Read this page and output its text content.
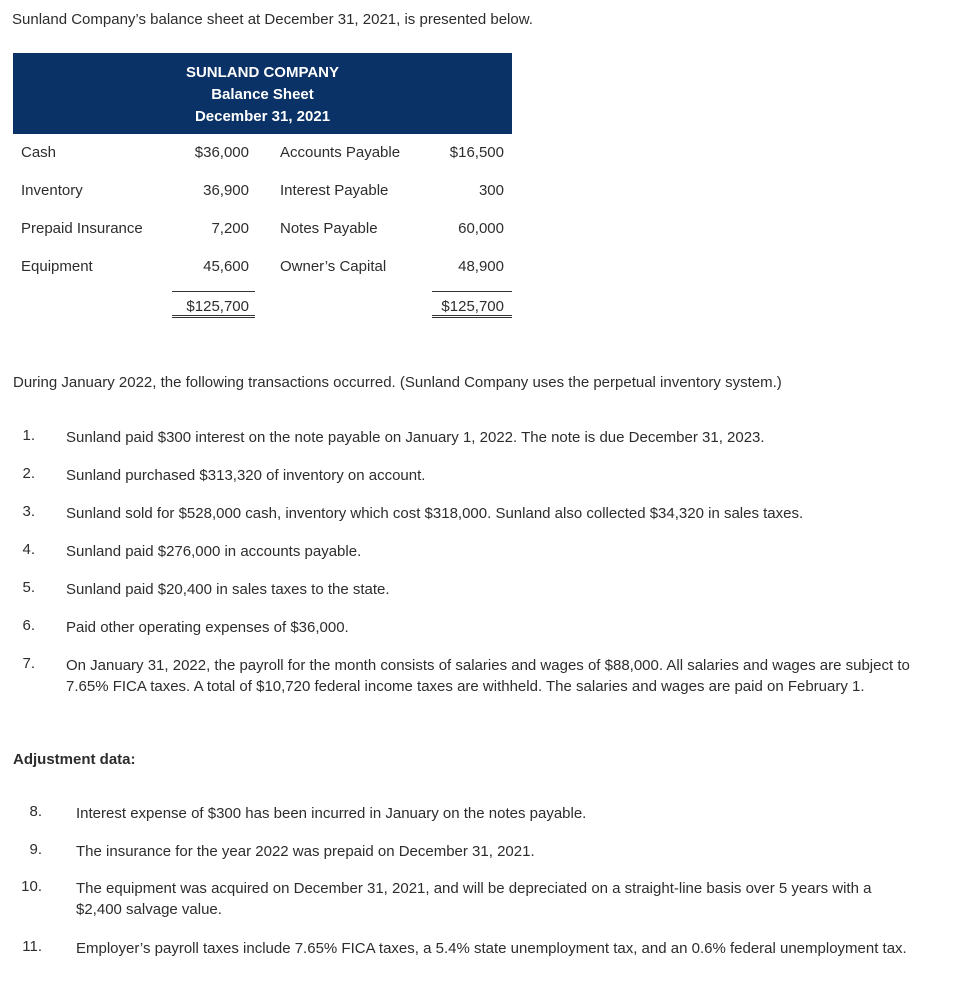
Sunland Company’s balance sheet at December 31, 2021, is presented below.
SUNLAND COMPANY
Balance Sheet
December 31, 2021
Cash	$36,000 Accounts Payable	$16,500
Inventory	36,900 Interest Payable	300
Prepaid Insurance	7,200 Notes Payable	60,000
Equipment	45,600 Owner’s Capital	48,900
$125,700	$125,700
During January 2022, the following transactions occurred. (Sunland Company uses the perpetual inventory system.)
1. Sunland paid $300 interest on the note payable on January 1, 2022. The note is due December 31, 2023.
2. Sunland purchased $313,320 of inventory on account.
3. Sunland sold for $528,000 cash, inventory which cost $318,000. Sunland also collected $34,320 in sales taxes.
4. Sunland paid $276,000 in accounts payable.
5. Sunland paid $20,400 in sales taxes to the state.
6. Paid other operating expenses of $36,000.
7. On January 31, 2022, the payroll for the month consists of salaries and wages of $88,000. All salaries and wages are subject to 7.65% FICA taxes. A total of $10,720 federal income taxes are withheld. The salaries and wages are paid on February 1.
Adjustment data:
8. Interest expense of $300 has been incurred in January on the notes payable.
9. The insurance for the year 2022 was prepaid on December 31, 2021.
10. The equipment was acquired on December 31, 2021, and will be depreciated on a straight-line basis over 5 years with a $2,400 salvage value.
11. Employer’s payroll taxes include 7.65% FICA taxes, a 5.4% state unemployment tax, and an 0.6% federal unemployment tax.
